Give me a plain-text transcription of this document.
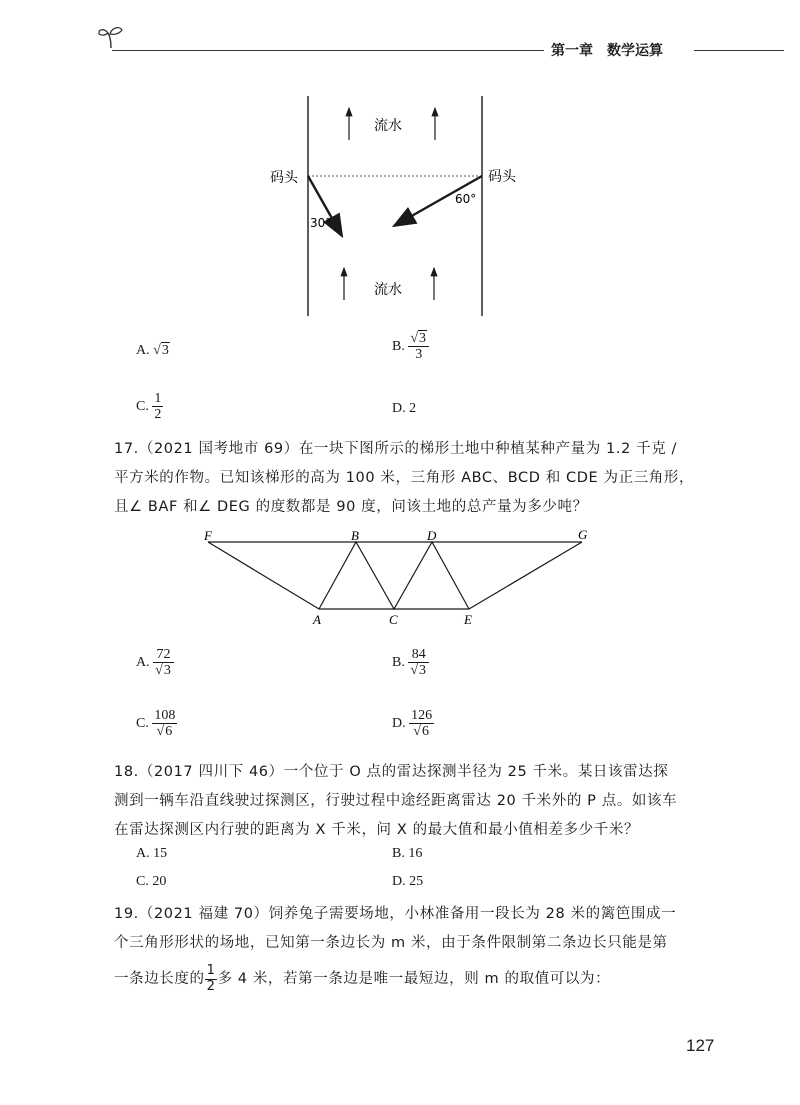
第一章　数学运算
流水
流水
码头	码头
30°
60°
A. √3	B. $\frac{√3}{3}$
C. $\frac{1}{2}$	D. 2
17.（2021 国考地市 69）在一块下图所示的梯形土地中种植某种产量为 1.2 千克 /
平方米的作物。已知该梯形的高为 100 米，三角形 ABC、BCD 和 CDE 为正三角形，
且∠ BAF 和∠ DEG 的度数都是 90 度，问该土地的总产量为多少吨？
F	B	D	G
A	C	E
A. $\frac{72}{√3}$	B. $\frac{84}{√3}$
C. $\frac{108}{√6}$	D. $\frac{126}{√6}$
18.（2017 四川下 46）一个位于 O 点的雷达探测半径为 25 千米。某日该雷达探
测到一辆车沿直线驶过探测区，行驶过程中途经距离雷达 20 千米外的 P 点。如该车
在雷达探测区内行驶的距离为 X 千米，问 X 的最大值和最小值相差多少千米？
A. 15	B. 16
C. 20	D. 25
19.（2021 福建 70）饲养兔子需要场地，小林准备用一段长为 28 米的篱笆围成一
个三角形形状的场地，已知第一条边长为 m 米，由于条件限制第二条边长只能是第
一条边长度的 $\frac{1}{2}$ 多 4 米，若第一条边是唯一最短边，则 m 的取值可以为：
127
